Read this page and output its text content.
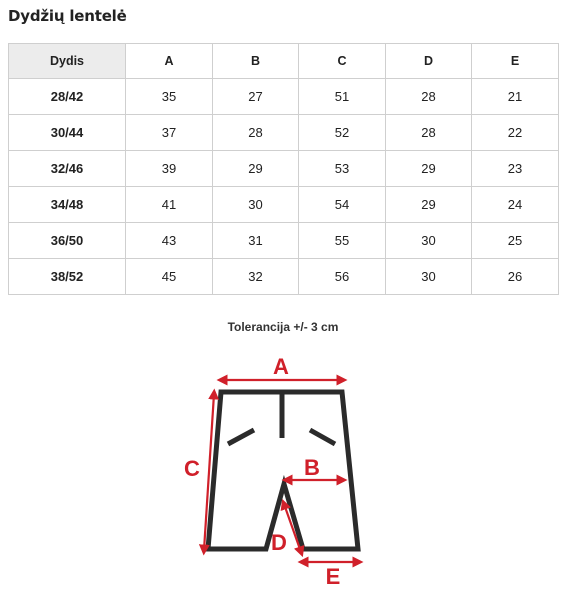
Dydžių lentelė
Dydis	A	B	C	D	E
28/42	35	27	51	28	21
30/44	37	28	52	28	22
32/46	39	29	53	29	23
34/48	41	30	54	29	24
36/50	43	31	55	30	25
38/52	45	32	56	30	26
Tolerancija +/- 3 cm
A
B
C
D
E
